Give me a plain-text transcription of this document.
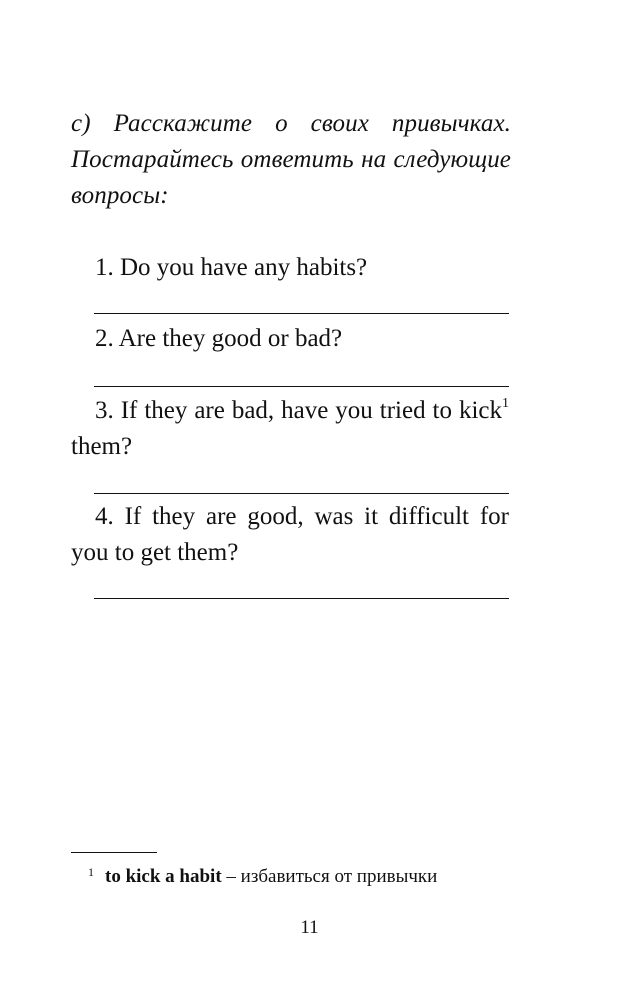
c) Расскажите о своих привычках. Постарайтесь ответить на следующие вопросы:

1. Do you have any habits?

2. Are they good or bad?

3. If they are bad, have you tried to kick$^1$ them?

4. If they are good, was it difficult for you to get them?

$^1$ to kick a habit – избавиться от привычки

11
